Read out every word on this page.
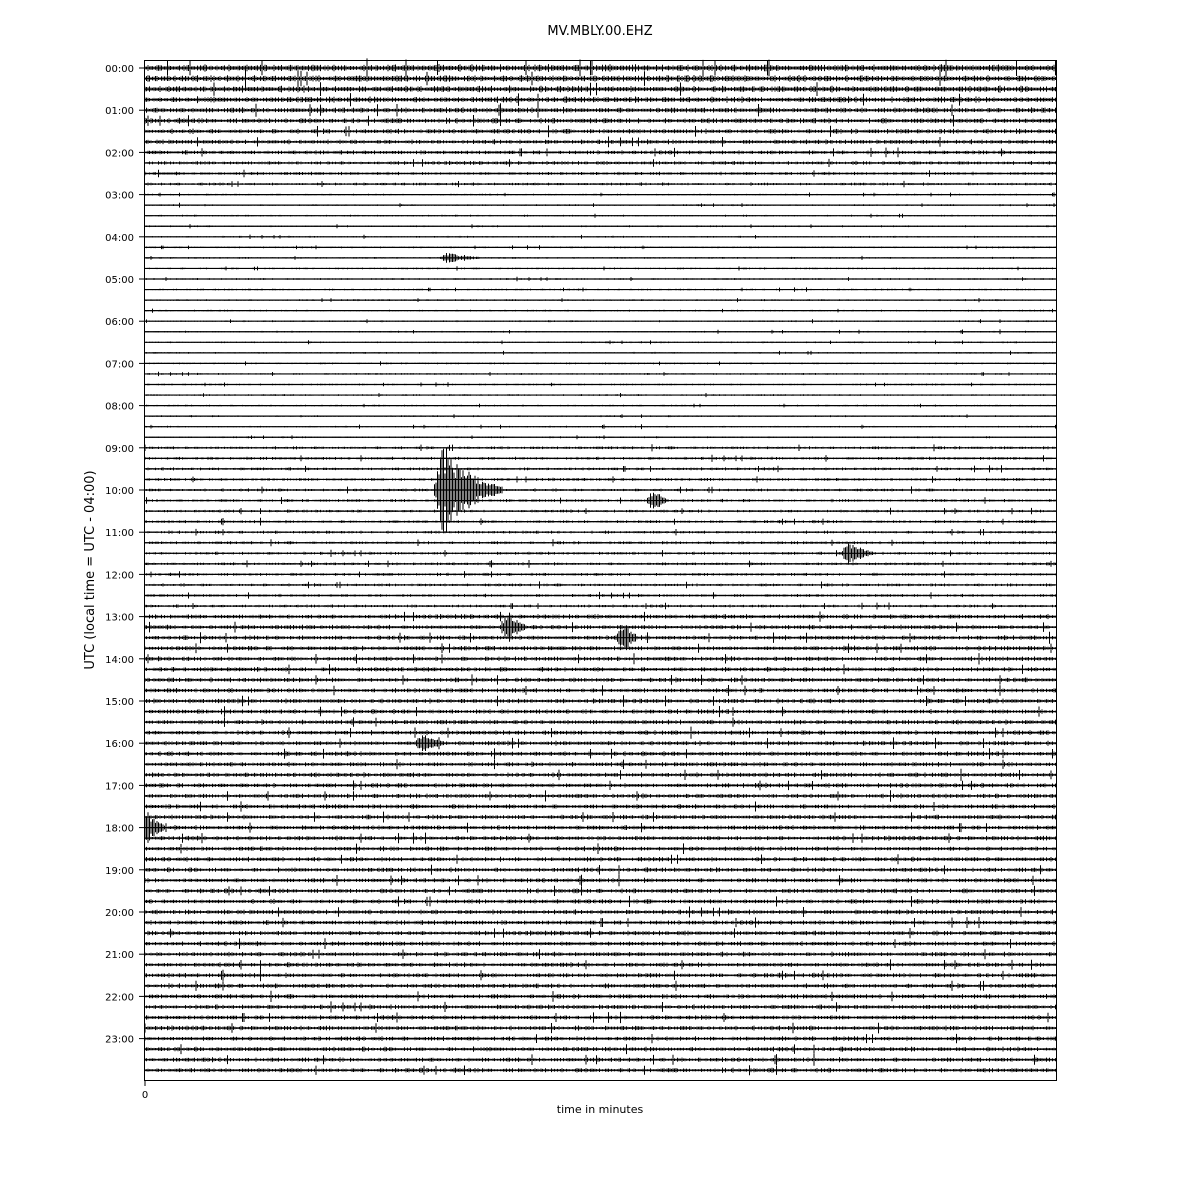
MV.MBLY.00.EHZ
00:00
01:00
02:00
03:00
04:00
05:00
06:00
07:00
08:00
09:00
10:00
11:00
12:00
13:00
14:00
15:00
16:00
17:00
18:00
19:00
20:00
21:00
22:00
23:00
0
time in minutes
UTC (local time = UTC - 04:00)
